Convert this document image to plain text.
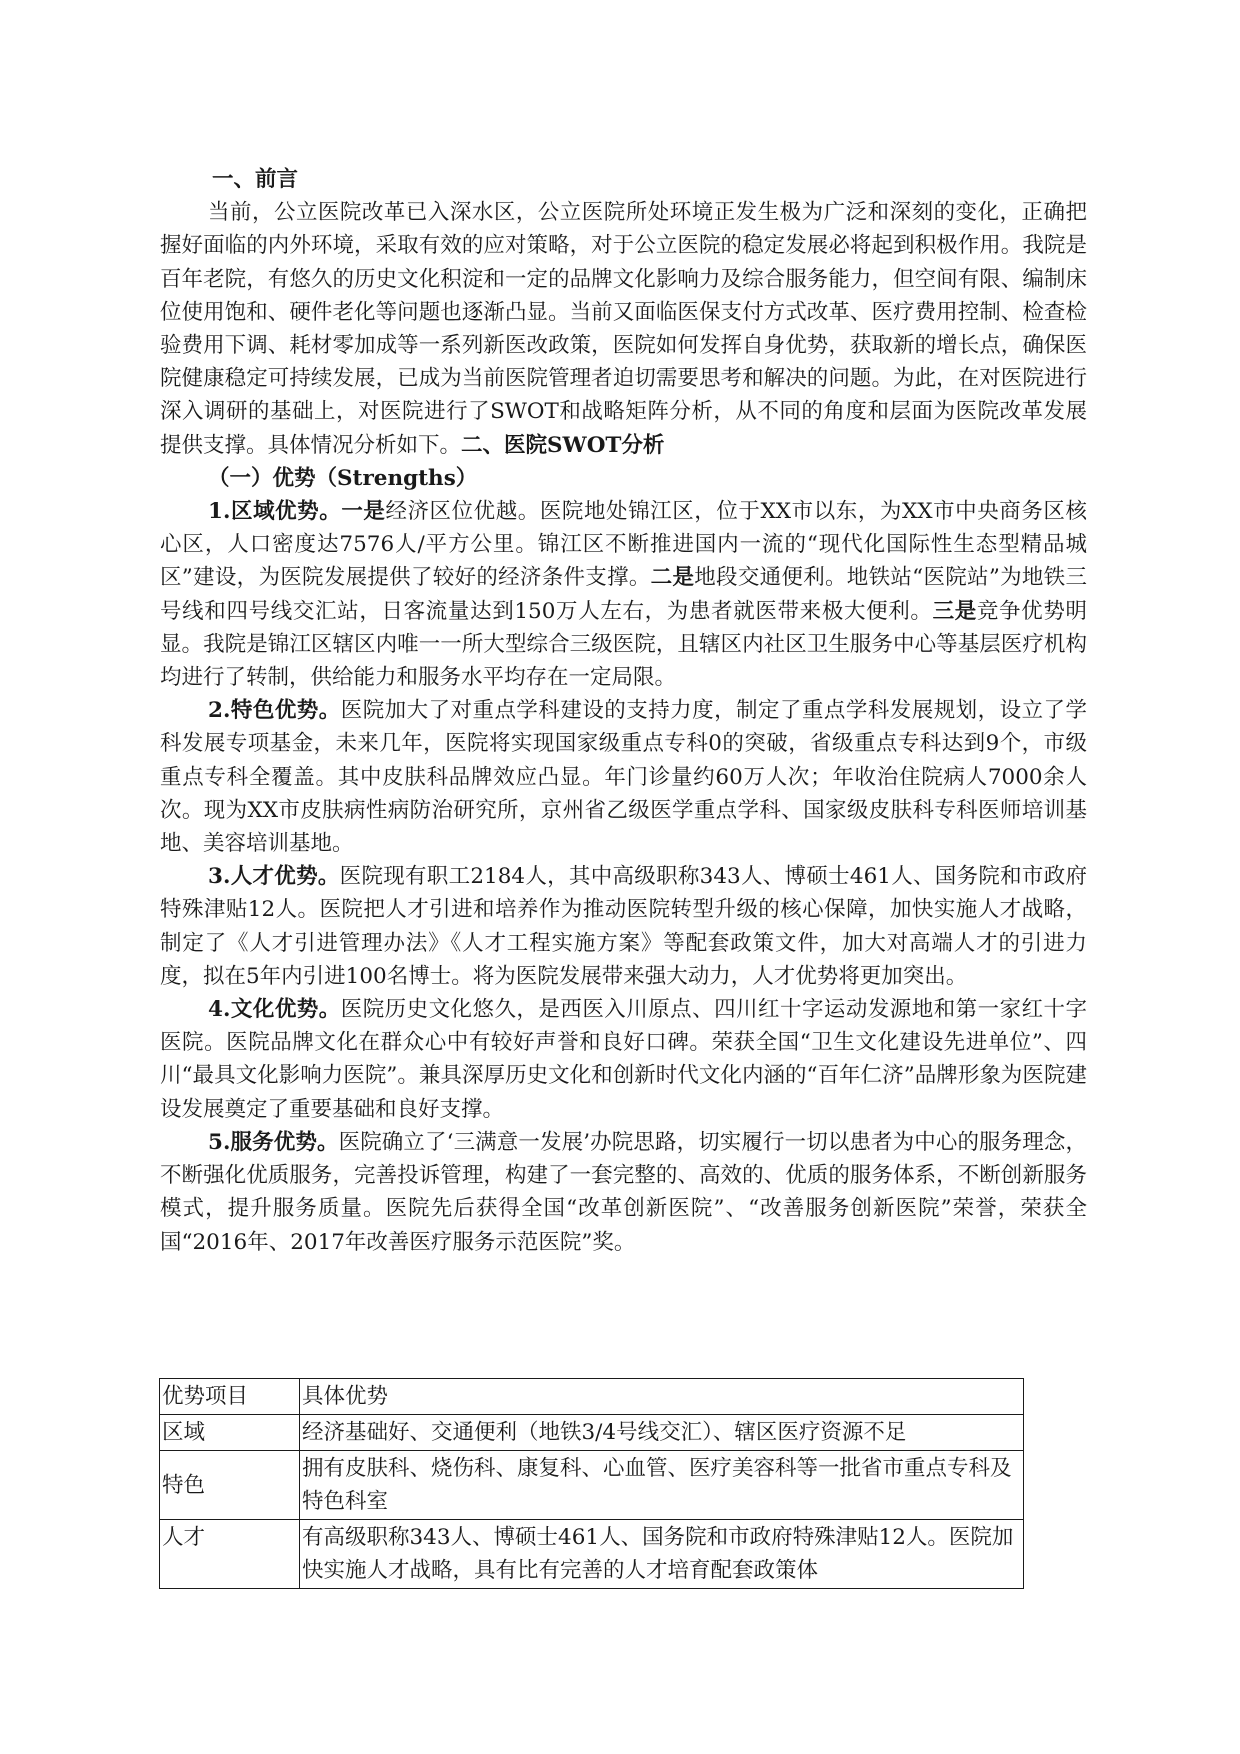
一、前言

当前，公立医院改革已入深水区，公立医院所处环境正发生极为广泛和深刻的变化，正确把握好面临的内外环境，采取有效的应对策略，对于公立医院的稳定发展必将起到积极作用。我院是百年老院，有悠久的历史文化积淀和一定的品牌文化影响力及综合服务能力，但空间有限、编制床位使用饱和、硬件老化等问题也逐渐凸显。当前又面临医保支付方式改革、医疗费用控制、检查检验费用下调、耗材零加成等一系列新医改政策，医院如何发挥自身优势，获取新的增长点，确保医院健康稳定可持续发展，已成为当前医院管理者迫切需要思考和解决的问题。为此，在对医院进行深入调研的基础上，对医院进行了SWOT和战略矩阵分析，从不同的角度和层面为医院改革发展提供支撑。具体情况分析如下。二、医院SWOT分析

（一）优势（Strengths）

1.区域优势。一是经济区位优越。医院地处锦江区，位于XX市以东，为XX市中央商务区核心区，人口密度达7576人/平方公里。锦江区不断推进国内一流的“现代化国际性生态型精品城区”建设，为医院发展提供了较好的经济条件支撑。二是地段交通便利。地铁站“医院站”为地铁三号线和四号线交汇站，日客流量达到150万人左右，为患者就医带来极大便利。三是竞争优势明显。我院是锦江区辖区内唯一一所大型综合三级医院，且辖区内社区卫生服务中心等基层医疗机构均进行了转制，供给能力和服务水平均存在一定局限。

2.特色优势。医院加大了对重点学科建设的支持力度，制定了重点学科发展规划，设立了学科发展专项基金，未来几年，医院将实现国家级重点专科0的突破，省级重点专科达到9个，市级重点专科全覆盖。其中皮肤科品牌效应凸显。年门诊量约60万人次；年收治住院病人7000余人次。现为XX市皮肤病性病防治研究所，京州省乙级医学重点学科、国家级皮肤科专科医师培训基地、美容培训基地。

3.人才优势。医院现有职工2184人，其中高级职称343人、博硕士461人、国务院和市政府特殊津贴12人。医院把人才引进和培养作为推动医院转型升级的核心保障，加快实施人才战略，制定了《人才引进管理办法》《人才工程实施方案》等配套政策文件，加大对高端人才的引进力度，拟在5年内引进100名博士。将为医院发展带来强大动力，人才优势将更加突出。

4.文化优势。医院历史文化悠久，是西医入川原点、四川红十字运动发源地和第一家红十字医院。医院品牌文化在群众心中有较好声誉和良好口碑。荣获全国“卫生文化建设先进单位”、四川“最具文化影响力医院”。兼具深厚历史文化和创新时代文化内涵的“百年仁济”品牌形象为医院建设发展奠定了重要基础和良好支撑。

5.服务优势。医院确立了‘三满意一发展’办院思路，切实履行一切以患者为中心的服务理念，不断强化优质服务，完善投诉管理，构建了一套完整的、高效的、优质的服务体系，不断创新服务模式，提升服务质量。医院先后获得全国“改革创新医院”、“改善服务创新医院”荣誉，荣获全国“2016年、2017年改善医疗服务示范医院”奖。

优势项目	具体优势
区域	经济基础好、交通便利（地铁3/4号线交汇）、辖区医疗资源不足
特色	拥有皮肤科、烧伤科、康复科、心血管、医疗美容科等一批省市重点专科及特色科室
人才	有高级职称343人、博硕士461人、国务院和市政府特殊津贴12人。医院加快实施人才战略，具有比有完善的人才培育配套政策体
